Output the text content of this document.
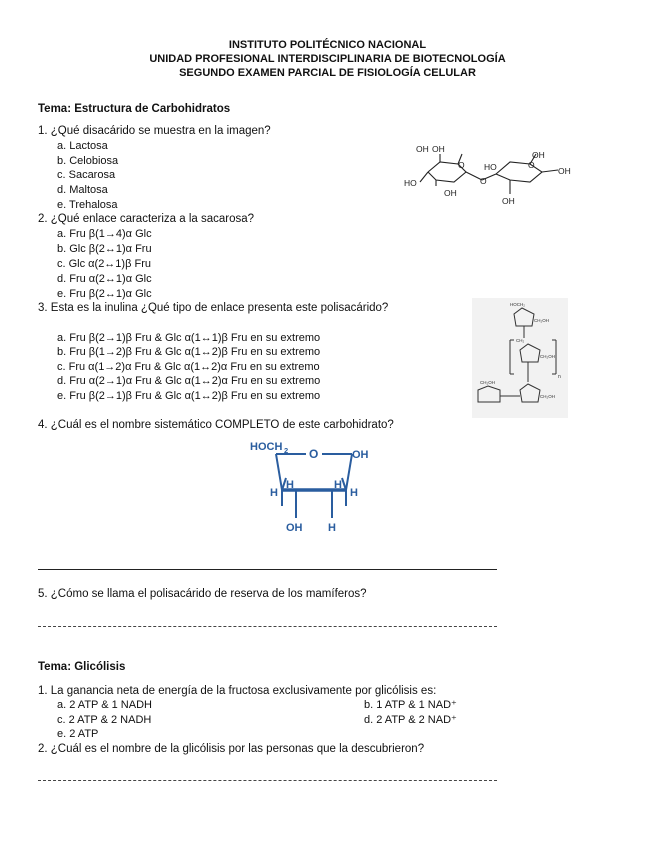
INSTITUTO POLITÉCNICO NACIONAL
UNIDAD PROFESIONAL INTERDISCIPLINARIA DE BIOTECNOLOGÍA
SEGUNDO EXAMEN PARCIAL DE FISIOLOGÍA CELULAR
Tema: Estructura de Carbohidratos
1. ¿Qué disacárido se muestra en la imagen?
a. Lactosa
b. Celobiosa
c. Sacarosa
d. Maltosa
e. Trehalosa
OH OH
O
OH
HO	O
OH
HO	OH
O
OH
2. ¿Qué enlace caracteriza a la sacarosa?
a. Fru β(1→4)α Glc
b. Glc β(2↔1)α Fru
c. Glc α(2↔1)β Fru
d. Fru α(2↔1)α Glc
e. Fru β(2↔1)α Glc
3. Esta es la inulina ¿Qué tipo de enlace presenta este polisacárido?
a. Fru β(2→1)β Fru & Glc α(1↔1)β Fru en su extremo
b. Fru β(1→2)β Fru & Glc α(1↔2)β Fru en su extremo
c. Fru α(1→2)α Fru & Glc α(1↔2)α Fru en su extremo
d. Fru α(2→1)α Fru & Glc α(1↔2)α Fru en su extremo
e. Fru β(2→1)β Fru & Glc α(1↔2)β Fru en su extremo
HOCH₂
CH₂OH
CH₂
CH₂OH
CH₂OH
CH₂OH
n
4. ¿Cuál es el nombre sistemático COMPLETO de este carbohidrato?
HOCH 2 O	OH
H
H	H
H
OH H
5. ¿Cómo se llama el polisacárido de reserva de los mamíferos?
Tema: Glicólisis
1. La ganancia neta de energía de la fructosa exclusivamente por glicólisis es:
a. 2 ATP & 1 NADH	b. 1 ATP & 1 NAD⁺
c. 2 ATP & 2 NADH	d. 2 ATP & 2 NAD⁺
e. 2 ATP
2. ¿Cuál es el nombre de la glicólisis por las personas que la descubrieron?
